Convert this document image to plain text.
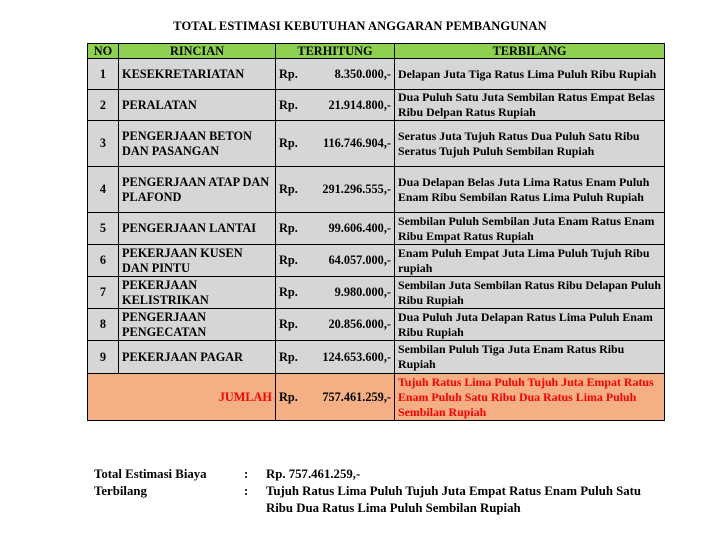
TOTAL ESTIMASI KEBUTUHAN ANGGARAN PEMBANGUNAN
NO	RINCIAN	TERHITUNG	TERBILANG
1	KESEKRETARIATAN	Rp. 8.350.000,-	Delapan Juta Tiga Ratus Lima Puluh Ribu Rupiah
2	PERALATAN	Rp. 21.914.800,-	Dua Puluh Satu Juta Sembilan Ratus Empat Belas Ribu Delpan Ratus Rupiah
3	PENGERJAAN BETON DAN PASANGAN	Rp. 116.746.904,-	Seratus Juta Tujuh Ratus Dua Puluh Satu Ribu Seratus Tujuh Puluh Sembilan Rupiah
4	PENGERJAAN ATAP DAN PLAFOND	Rp. 291.296.555,-	Dua Delapan Belas Juta Lima Ratus Enam Puluh Enam Ribu Sembilan Ratus Lima Puluh Rupiah
5	PENGERJAAN LANTAI	Rp. 99.606.400,-	Sembilan Puluh Sembilan Juta Enam Ratus Enam Ribu Empat Ratus Rupiah
6	PEKERJAAN KUSEN DAN PINTU	Rp. 64.057.000,-	Enam Puluh Empat Juta Lima Puluh Tujuh Ribu rupiah
7	PEKERJAAN KELISTRIKAN	Rp. 9.980.000,-	Sembilan Juta Sembilan Ratus Ribu Delapan Puluh Ribu Rupiah
8	PENGERJAAN PENGECATAN	Rp. 20.856.000,-	Dua Puluh Juta Delapan Ratus Lima Puluh Enam Ribu Rupiah
9	PEKERJAAN PAGAR	Rp. 124.653.600,-	Sembilan Puluh Tiga Juta Enam Ratus Ribu Rupiah
JUMLAH		Rp. 757.461.259,-	Tujuh Ratus Lima Puluh Tujuh Juta Empat Ratus Enam Puluh Satu Ribu Dua Ratus Lima Puluh Sembilan Rupiah
Total Estimasi Biaya	:	Rp. 757.461.259,-
Terbilang	:	Tujuh Ratus Lima Puluh Tujuh Juta Empat Ratus Enam Puluh Satu Ribu Dua Ratus Lima Puluh Sembilan Rupiah
